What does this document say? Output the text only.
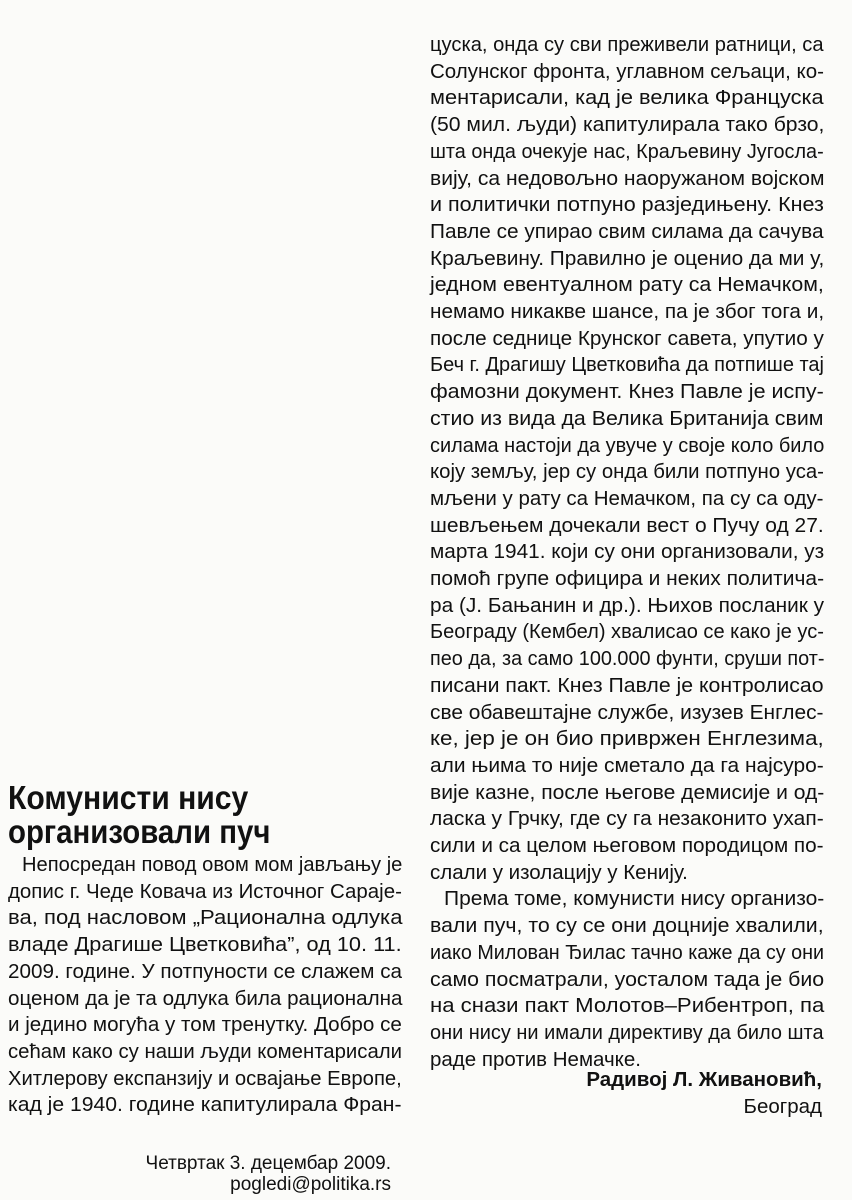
Комунисти нису
организовали пуч
Непосредан повод овом мом јављању је
допис г. Чеде Ковача из Источног Сараје-
ва, под насловом „Рационална одлука
владе Драгише Цветковића”, од 10. 11.
2009. године. У потпуности се слажем са
оценом да је та одлука била рационална
и једино могућа у том тренутку. Добро се
сећам како су наши људи коментарисали
Хитлерову експанзију и освајање Европе,
кад је 1940. године капитулирала Фран-
цуска, онда су сви преживели ратници, са
Солунског фронта, углавном сељаци, ко-
ментарисали, кад је велика Француска
(50 мил. људи) капитулирала тако брзо,
шта онда очекује нас, Краљевину Југосла-
вију, са недовољно наоружаном војском
и политички потпуно разједињену. Кнез
Павле се упирао свим силама да сачува
Краљевину. Правилно је оценио да ми у,
једном евентуалном рату са Немачком,
немамо никакве шансе, па је због тога и,
после седнице Крунског савета, упутио у
Беч г. Драгишу Цветковића да потпише тај
фамозни документ. Кнез Павле је испу-
стио из вида да Велика Британија свим
силама настоји да увуче у своје коло било
коју земљу, јер су онда били потпуно уса-
мљени у рату са Немачком, па су са оду-
шевљењем дочекали вест о Пучу од 27.
марта 1941. који су они организовали, уз
помоћ групе официра и неких политича-
ра (Ј. Бањанин и др.). Њихов посланик у
Београду (Кембел) хвалисао се како је ус-
пео да, за само 100.000 фунти, сруши пот-
писани пакт. Кнез Павле је контролисао
све обавештајне службе, изузев Енглес-
ке, јер је он био привржен Енглезима,
али њима то није сметало да га најсуро-
вије казне, после његове демисије и од-
ласка у Грчку, где су га незаконито ухап-
сили и са целом његовом породицом по-
слали у изолацију у Кенију.
Према томе, комунисти нису организо-
вали пуч, то су се они доцније хвалили,
иако Милован Ђилас тачно каже да су они
само посматрали, уосталом тада је био
на снази пакт Молотов–Рибентроп, па
они нису ни имали директиву да било шта
раде против Немачке.
Радивој Л. Живановић,
Београд
Четвртак 3. децембар 2009.
pogledi@politika.rs
